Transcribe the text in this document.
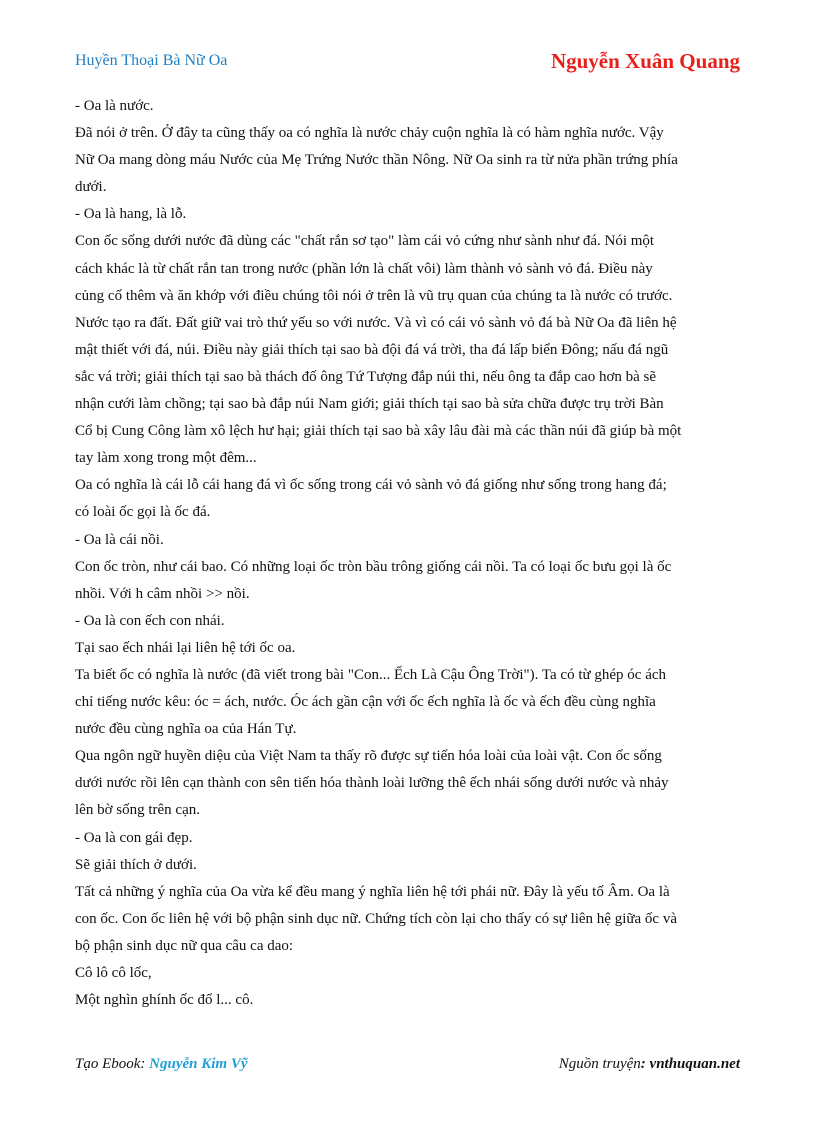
Huyền Thoại Bà Nữ Oa	Nguyễn Xuân Quang

- Oa là nước.

Đã nói ở trên. Ở đây ta cũng thấy oa có nghĩa là nước chảy cuộn nghĩa là có hàm nghĩa nước. Vậy

Nữ Oa mang dòng máu Nước của Mẹ Trứng Nước thần Nông. Nữ Oa sinh ra từ nửa phần trứng phía

dưới.

- Oa là hang, là lỗ.

Con ốc sống dưới nước đã dùng các "chất rắn sơ tạo" làm cái vỏ cứng như sành như đá. Nói một

cách khác là từ chất rắn tan trong nước (phần lớn là chất vôi) làm thành vỏ sành vỏ đá. Điều này

củng cố thêm và ăn khớp với điều chúng tôi nói ở trên là vũ trụ quan của chúng ta là nước có trước.

Nước tạo ra đất. Đất giữ vai trò thứ yếu so với nước. Và vì có cái vỏ sành vỏ đá bà Nữ Oa đã liên hệ

mật thiết với đá, núi. Điều này giải thích tại sao bà đội đá vá trời, tha đá lấp biển Đông; nấu đá ngũ

sắc vá trời; giải thích tại sao bà thách đố ông Tứ Tượng đắp núi thi, nếu ông ta đắp cao hơn bà sẽ

nhận cưới làm chồng; tại sao bà đắp núi Nam giới; giải thích tại sao bà sửa chữa được trụ trời Bàn

Cổ bị Cung Công làm xô lệch hư hại; giải thích tại sao bà xây lâu đài mà các thần núi đã giúp bà một

tay làm xong trong một đêm...

Oa có nghĩa là cái lỗ cái hang đá vì ốc sống trong cái vỏ sành vỏ đá giống như sống trong hang đá;

có loài ốc gọi là ốc đá.

- Oa là cái nồi.

Con ốc tròn, như cái bao. Có những loại ốc tròn bầu trông giống cái nồi. Ta có loại ốc bưu gọi là ốc

nhồi. Với h câm nhồi >> nồi.

- Oa là con ếch con nhái.

Tại sao ếch nhái lại liên hệ tới ốc oa.

Ta biết ốc có nghĩa là nước (đã viết trong bài "Con... Ếch Là Cậu Ông Trời"). Ta có từ ghép óc ách

chỉ tiếng nước kêu: óc = ách, nước. Óc ách gần cận với ốc ếch nghĩa là ốc và ếch đều cùng nghĩa

nước đều cùng nghĩa oa của Hán Tự.

Qua ngôn ngữ huyền diệu của Việt Nam ta thấy rõ được sự tiến hóa loài của loài vật. Con ốc sống

dưới nước rồi lên cạn thành con sên tiến hóa thành loài lưỡng thê ếch nhái sống dưới nước và nhảy

lên bờ sống trên cạn.

- Oa là con gái đẹp.

Sẽ giải thích ở dưới.

Tất cả những ý nghĩa của Oa vừa kể đều mang ý nghĩa liên hệ tới phái nữ. Đây là yếu tố Âm. Oa là

con ốc. Con ốc liên hệ với bộ phận sinh dục nữ. Chứng tích còn lại cho thấy có sự liên hệ giữa ốc và

bộ phận sinh dục nữ qua câu ca dao:

Cô lô cô lốc,

Một nghìn ghính ốc đổ l... cô.

Tạo Ebook: Nguyễn Kim Vỹ	Nguồn truyện: vnthuquan.net
